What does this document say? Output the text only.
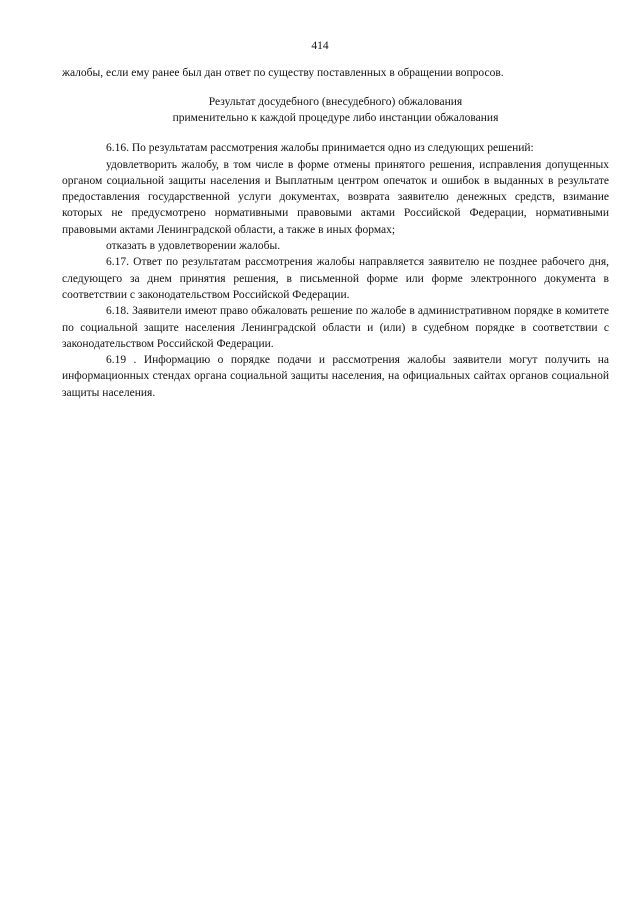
414

жалобы, если ему ранее был дан ответ по существу поставленных в обращении вопросов.

Результат досудебного (внесудебного) обжалования
применительно к каждой процедуре либо инстанции обжалования

6.16. По результатам рассмотрения жалобы принимается одно из следующих решений:

удовлетворить жалобу, в том числе в форме отмены принятого решения, исправления допущенных органом социальной защиты населения и Выплатным центром опечаток и ошибок в выданных в результате предоставления государственной услуги документах, возврата заявителю денежных средств, взимание которых не предусмотрено нормативными правовыми актами Российской Федерации, нормативными правовыми актами Ленинградской области, а также в иных формах;

отказать в удовлетворении жалобы.

6.17. Ответ по результатам рассмотрения жалобы направляется заявителю не позднее рабочего дня, следующего за днем принятия решения, в письменной форме или форме электронного документа в соответствии с законодательством Российской Федерации.

6.18. Заявители имеют право обжаловать решение по жалобе в административном порядке в комитете по социальной защите населения Ленинградской области и (или) в судебном порядке в соответствии с законодательством Российской Федерации.

6.19 . Информацию о порядке подачи и рассмотрения жалобы заявители могут получить на информационных стендах органа социальной защиты населения, на официальных сайтах органов социальной защиты населения.
